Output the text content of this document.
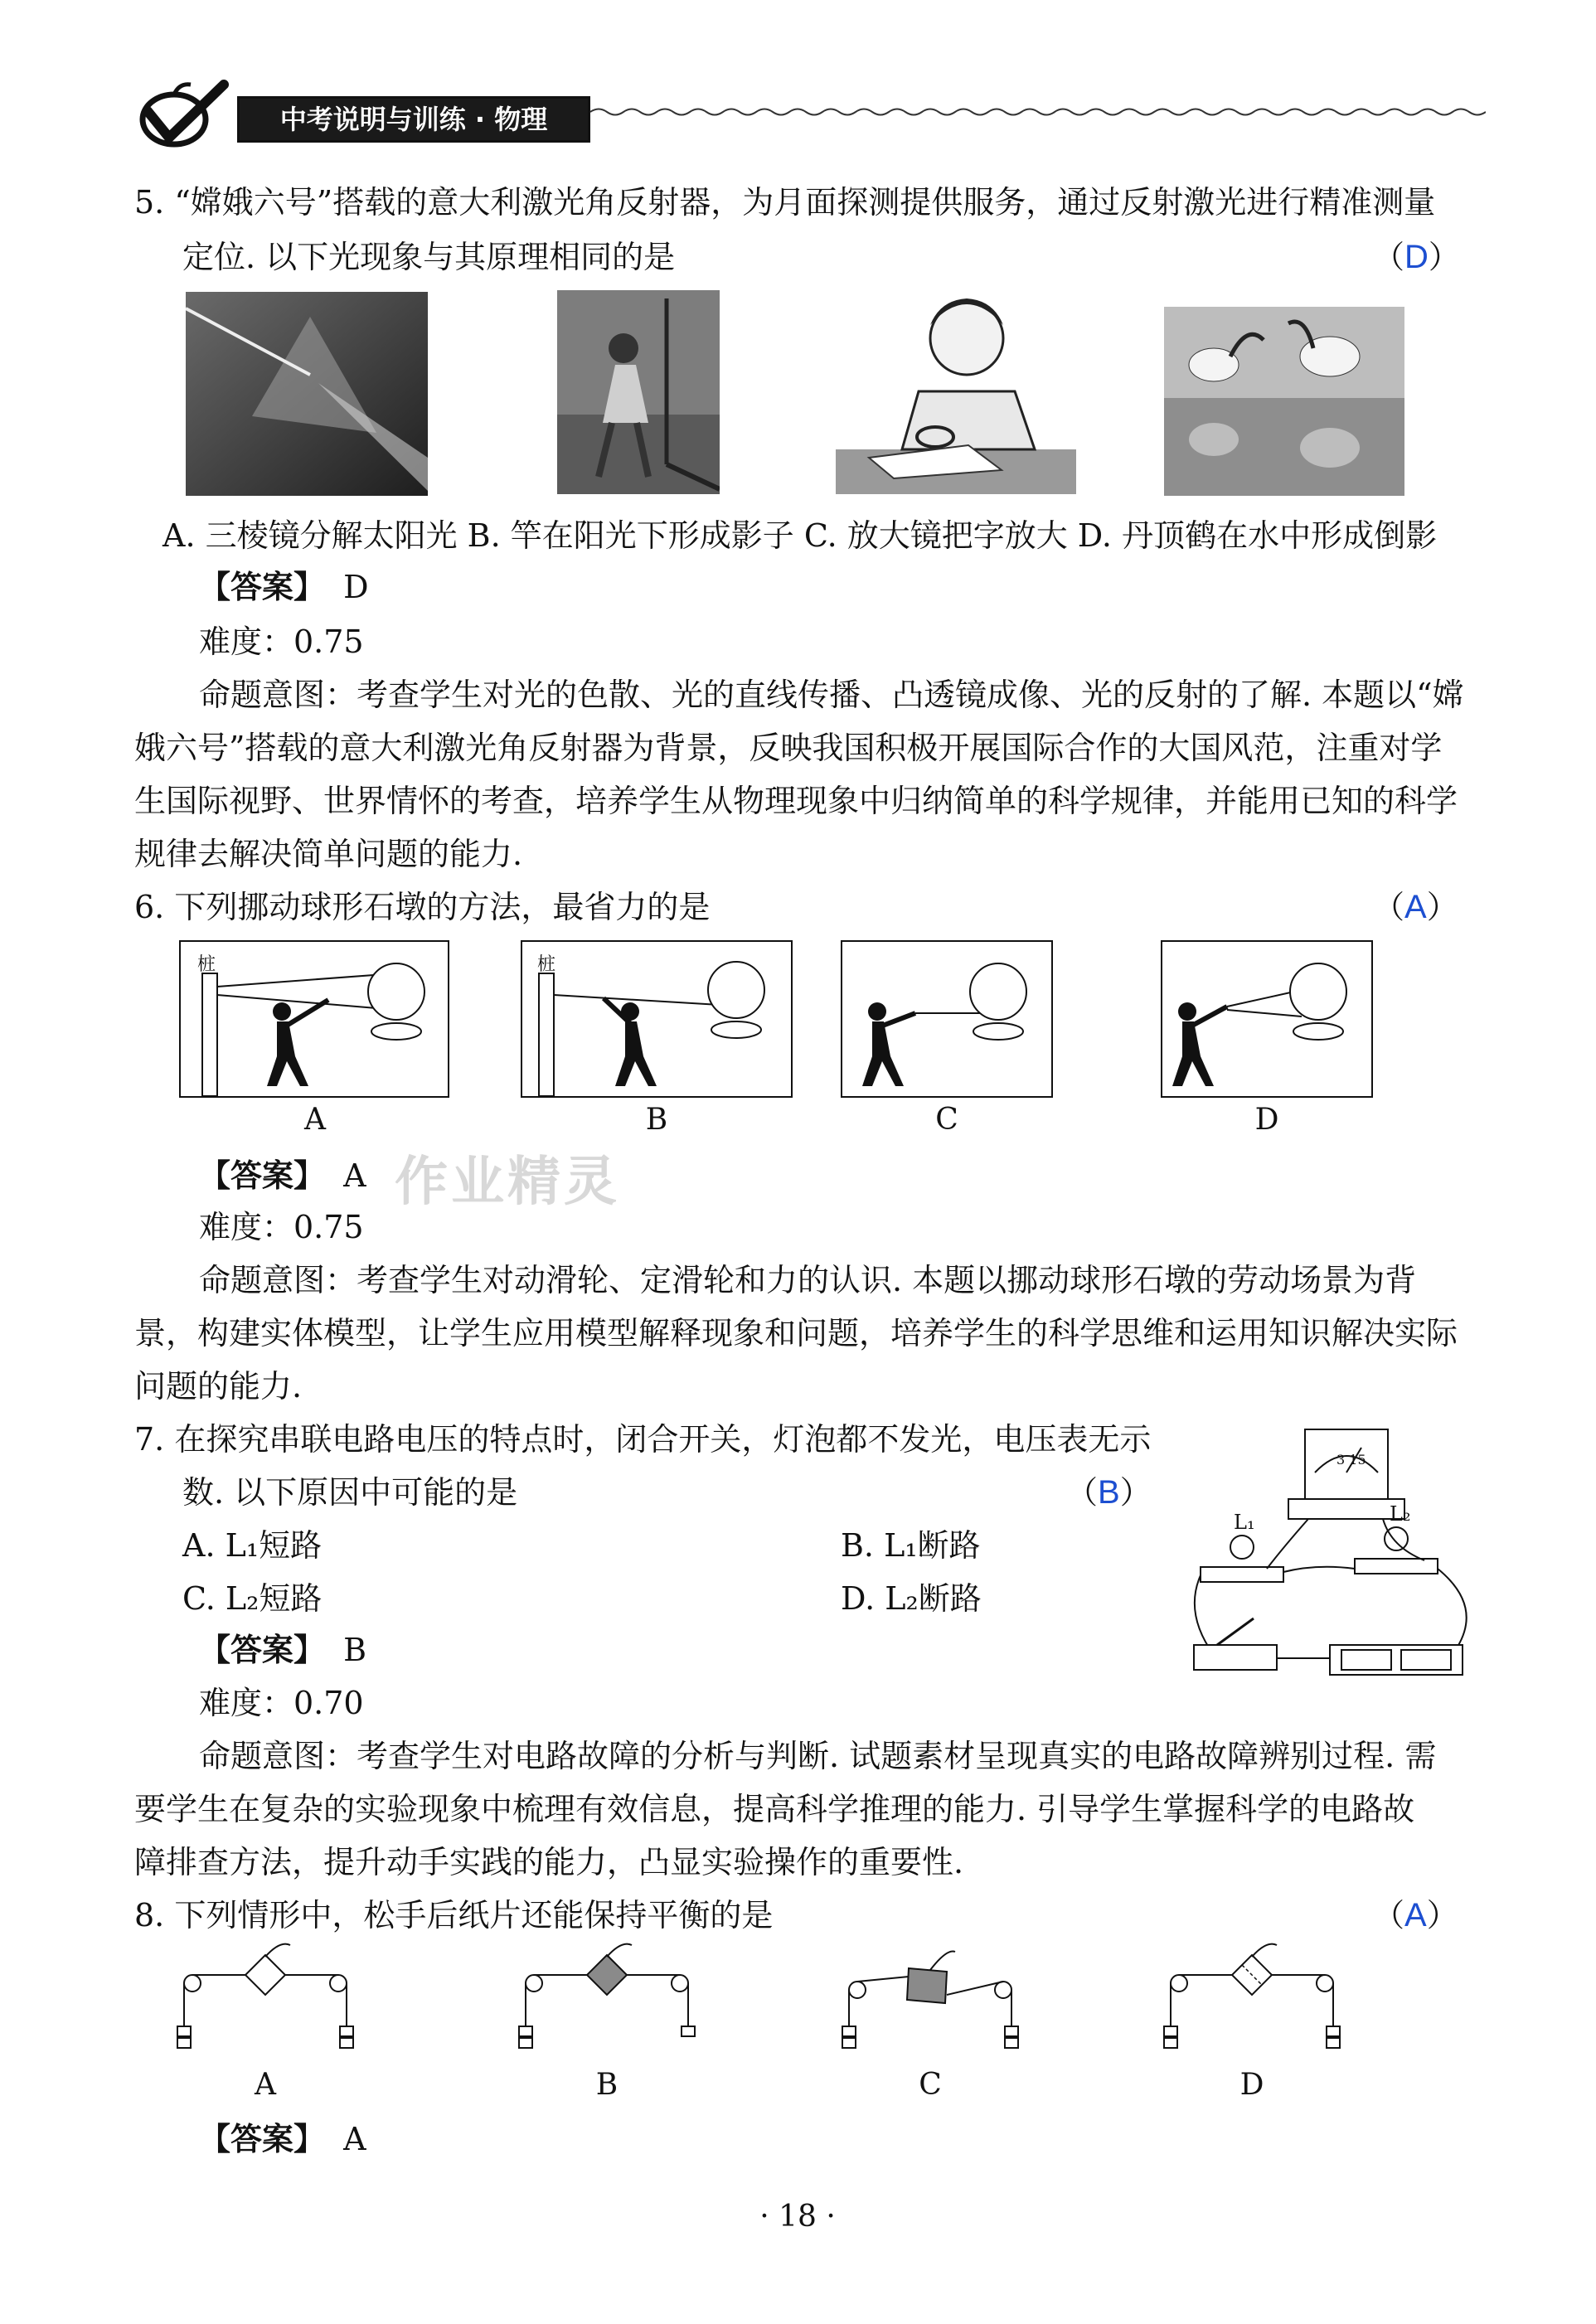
中考说明与训练 · 物理
5. “嫦娥六号”搭载的意大利激光角反射器，为月面探测提供服务，通过反射激光进行精准测量
定位. 以下光现象与其原理相同的是	（D）
A. 三棱镜分解太阳光 B. 竿在阳光下形成影子 C. 放大镜把字放大 D. 丹顶鹤在水中形成倒影
【答案】 D
难度：0.75
命题意图：考查学生对光的色散、光的直线传播、凸透镜成像、光的反射的了解. 本题以“嫦
娥六号”搭载的意大利激光角反射器为背景，反映我国积极开展国际合作的大国风范，注重对学
生国际视野、世界情怀的考查，培养学生从物理现象中归纳简单的科学规律，并能用已知的科学
规律去解决简单问题的能力.
6. 下列挪动球形石墩的方法，最省力的是	（A）
桩	桩
A	B	C	D
【答案】 A 作业精灵
难度：0.75
命题意图：考查学生对动滑轮、定滑轮和力的认识. 本题以挪动球形石墩的劳动场景为背
景，构建实体模型，让学生应用模型解释现象和问题，培养学生的科学思维和运用知识解决实际
问题的能力.
7. 在探究串联电路电压的特点时，闭合开关，灯泡都不发光，电压表无示
数. 以下原因中可能的是	（B）
A. L₁短路	B. L₁断路
C. L₂短路	D. L₂断路
3 15
L₁	L₂
【答案】 B
难度：0.70
命题意图：考查学生对电路故障的分析与判断. 试题素材呈现真实的电路故障辨别过程. 需
要学生在复杂的实验现象中梳理有效信息，提高科学推理的能力. 引导学生掌握科学的电路故
障排查方法，提升动手实践的能力，凸显实验操作的重要性.
8. 下列情形中，松手后纸片还能保持平衡的是	（A）
A	B	C	D
【答案】 A
· 18 ·
